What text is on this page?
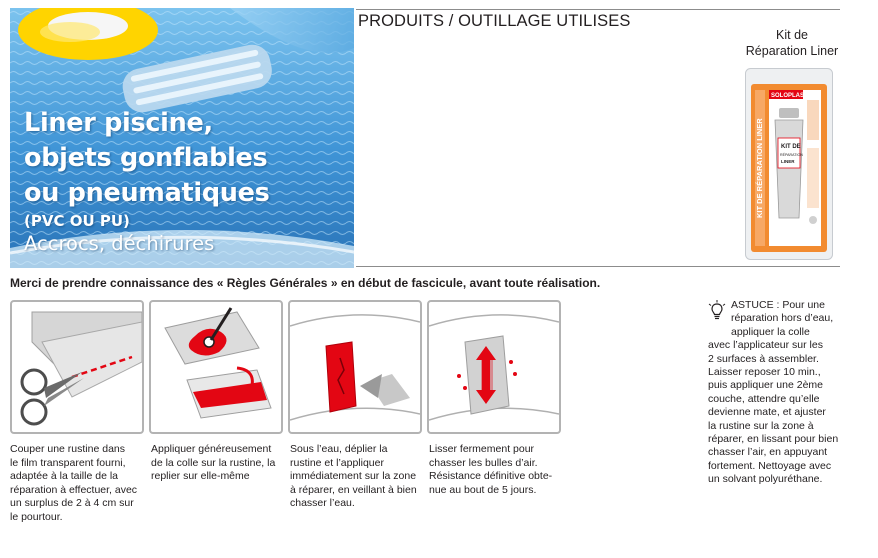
Liner piscine,
objets gonflables
ou pneumatiques
(PVC OU PU)
Accrocs, déchirures
PRODUITS / OUTILLAGE UTILISES
Kit de
Réparation Liner
KIT DE RÉPARATION LINER
SOLOPLAST
KIT DE
RÉPARATION
LINER
Merci de prendre connaissance des « Règles Générales » en début de fascicule, avant toute réalisation.
Couper une rustine dans
le film transparent fourni,
adaptée à la taille de la
réparation à effectuer, avec
un surplus de 2 à 4 cm sur
le pourtour.
Appliquer généreusement
de la colle sur la rustine, la
replier sur elle-même
Sous l’eau, déplier la
rustine et l’appliquer
immédiatement sur la zone
à réparer, en veillant à bien
chasser l’eau.
Lisser fermement pour
chasser les bulles d’air.
Résistance définitive obte-
nue au bout de 5 jours.
ASTUCE : Pour une
réparation hors d’eau,
appliquer la colle
avec l’applicateur sur les
2 surfaces à assembler.
Laisser reposer 10 min.,
puis appliquer une 2ème
couche, attendre qu’elle
devienne mate, et ajuster
la rustine sur la zone à
réparer, en lissant pour bien
chasser l’air, en appuyant
fortement. Nettoyage avec
un solvant polyuréthane.
